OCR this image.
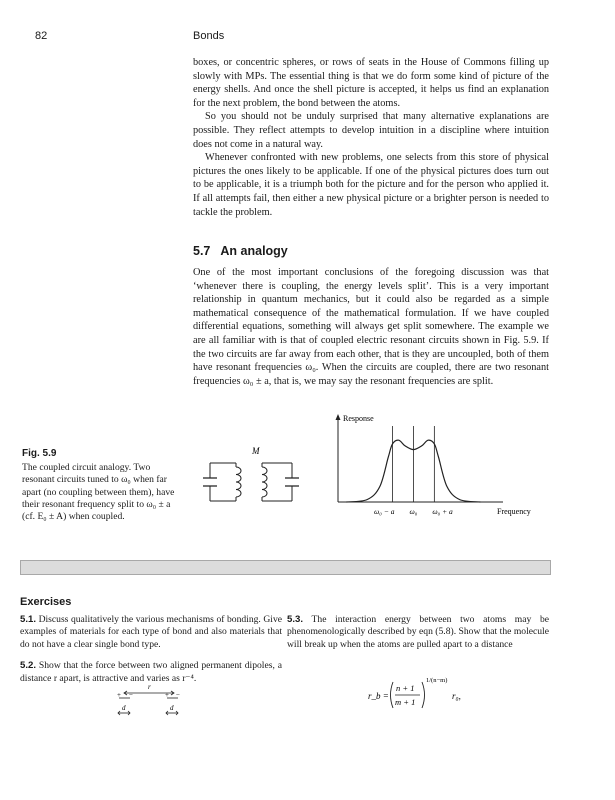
82	Bonds

boxes, or concentric spheres, or rows of seats in the House of Commons filling up slowly with MPs. The essential thing is that we do form some kind of picture of the energy shells. And once the shell picture is accepted, it helps us find an explanation for the next problem, the bond between the atoms.

So you should not be unduly surprised that many alternative explanations are possible. They reflect attempts to develop intuition in a discipline where intuition does not come in a natural way.

Whenever confronted with new problems, one selects from this store of physical pictures the ones likely to be applicable. If one of the physical pictures does turn out to be applicable, it is a triumph both for the picture and for the person who applied it. If all attempts fail, then either a new physical picture or a brighter person is needed to tackle the problem.

5.7 An analogy

One of the most important conclusions of the foregoing discussion was that ‘whenever there is coupling, the energy levels split’. This is a very important relationship in quantum mechanics, but it could also be regarded as a simple mathematical consequence of the mathematical formulation. If we have coupled differential equations, something will always get split somewhere. The example we are all familiar with is that of coupled electric resonant circuits shown in Fig. 5.9. If the two circuits are far away from each other, that is they are uncoupled, both of them have resonant frequencies ω₀. When the circuits are coupled, there are two resonant frequencies ω₀ ± a, that is, we may say the resonant frequencies are split.

Fig. 5.9
The coupled circuit analogy. Two resonant circuits tuned to ω₀ when far apart (no coupling between them), have their resonant frequency split to ω₀ ± a (cf. E₀ ± A) when coupled.
M
Response
Frequency
ω₀ − a ω₀ ω₀ + a
Exercises

5.1. Discuss qualitatively the various mechanisms of bonding. Give examples of materials for each type of bond and also materials that do not have a clear single bond type.

5.2. Show that the force between two aligned permanent dipoles, a distance r apart, is attractive and varies as r⁻⁴.

r
+ −	+ −
d	d

5.3. The interaction energy between two atoms may be phenomenologically described by eqn (5.8). Show that the molecule will break up when the atoms are pulled apart to a distance

r_b =
n + 1
m + 1
1/(n−m)
r₀,
